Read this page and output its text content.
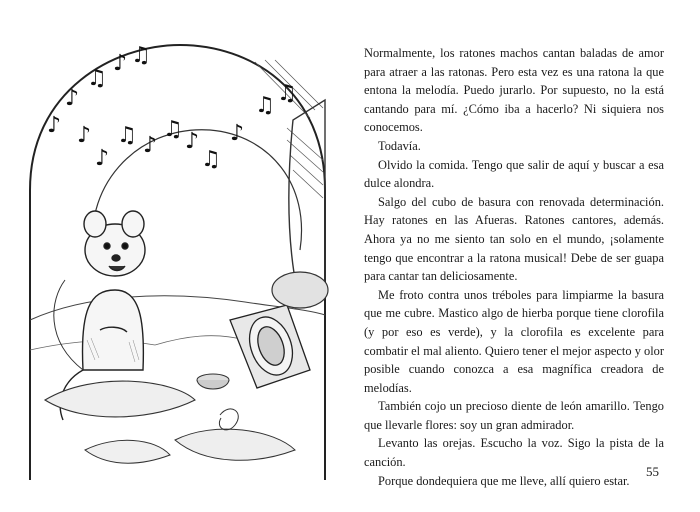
♪
♫
♪ ♫
♪ ♪
♪
♫ ♪
♫ ♪
♫
♪
♫ ♫

Normalmente, los ratones machos cantan baladas de amor para atraer a las ratonas. Pero esta vez es una ratona la que entona la melodía. Puedo jurarlo. Por supuesto, no la está cantando para mí. ¿Cómo iba a hacerlo? Ni siquiera nos conocemos.

Todavía.

Olvido la comida. Tengo que salir de aquí y buscar a esa dulce alondra.

Salgo del cubo de basura con renovada determinación. Hay ratones en las Afueras. Ratones cantores, además. Ahora ya no me siento tan solo en el mundo, ¡solamente tengo que encontrar a la ratona musical! Debe de ser guapa para cantar tan deliciosamente.

Me froto contra unos tréboles para limpiarme la basura que me cubre. Mastico algo de hierba porque tiene clorofila (y por eso es verde), y la clorofila es excelente para combatir el mal aliento. Quiero tener el mejor aspecto y olor posible cuando conozca a esa magnífica creadora de melodías.

También cojo un precioso diente de león amarillo. Tengo que llevarle flores: soy un gran admirador.

Levanto las orejas. Escucho la voz. Sigo la pista de la canción.

Porque dondequiera que me lleve, allí quiero estar.

55
